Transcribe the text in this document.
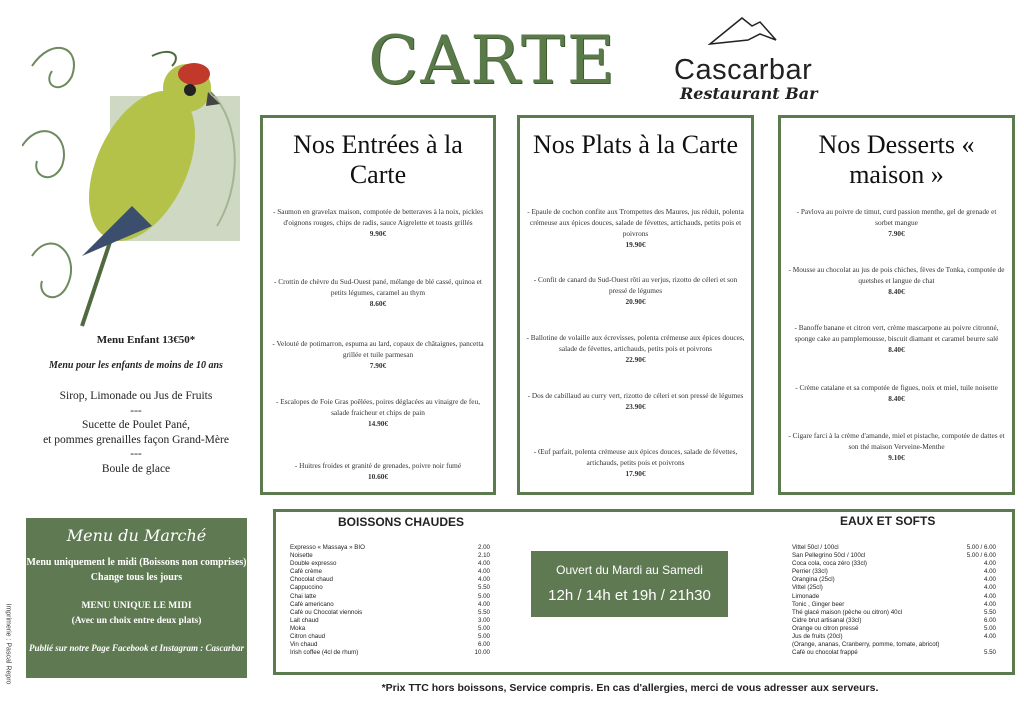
CARTE Cascarbar
Restaurant Bar
Nos Entrées à la Carte
- Saumon en gravelax maison, compotée de betteraves à la noix, pickles d'oignons rouges, chips de radis, sauce Aigrelette et toasts grillés
9.90€
- Crottin de chèvre du Sud-Ouest pané, mélange de blé cassé, quinoa et petits légumes, caramel au thym
8.60€
- Velouté de potimarron, espuma au lard, copaux de châtaignes, pancetta grillée et tuile parmesan
7.90€
- Escalopes de Foie Gras poêlées, poires déglacées au vinaigre de feu, salade fraicheur et chips de pain
14.90€
- Huitres froides et granité de grenades, poivre noir fumé
10.60€
Nos Plats à la Carte
- Epaule de cochon confite aux Trompettes des Maures, jus réduit, polenta crémeuse aux épices douces, salade de févettes, artichauds, petits pois et poivrons
19.90€
- Confit de canard du Sud-Ouest rôti au verjus, rizotto de céleri et son pressé de légumes
20.90€
- Ballotine de volaille aux écrevisses, polenta crémeuse aux épices douces, salade de févettes, artichauds, petits pois et poivrons
22.90€
- Dos de cabillaud au curry vert, rizotto de céleri et son pressé de légumes
23.90€
- Œuf parfait, polenta crémeuse aux épices douces, salade de févettes, artichauds, petits pois et poivrons
17.90€
Nos Desserts « maison »
- Pavlova au poivre de timut, curd passion menthe, gel de grenade et sorbet mangue
7.90€
- Mousse au chocolat au jus de pois chiches, fèves de Tonka, compotée de quetshes et langue de chat
8.40€
- Banoffe banane et citron vert, crème mascarpone au poivre citronné, sponge cake au pamplemousse, biscuit diamant et caramel beurre salé
8.40€
- Crème catalane et sa compotée de figues, noix et miel, tuile noisette
8.40€
- Cigare farci à la crème d'amande, miel et pistache, compotée de dattes et son thé maison Verveine-Menthe
9.10€
Menu Enfant 13€50*
Menu pour les enfants de moins de 10 ans
Sirop, Limonade ou Jus de Fruits
---
Sucette de Poulet Pané,
et pommes grenailles façon Grand-Mère
---
Boule de glace
Menu du Marché
Menu uniquement le midi (Boissons non comprises)
Change tous les jours
MENU UNIQUE LE MIDI
(Avec un choix entre deux plats)
Publié sur notre Page Facebook et Instagram : Cascarbar
Imprimerie : Pascal Repro
BOISSONS CHAUDES	EAUX ET SOFTS
Expresso « Massaya » BIO	2.00
Noisette	2.10
Double expresso	4.00
Café crème	4.00
Chocolat chaud	4.00
Cappuccino	5.50
Chai latte	5.00
Café americano	4.00
Café ou Chocolat viennois	5.50
Lait chaud	3.00
Moka	5.00
Citron chaud	5.00
Vin chaud	6.00
Irish coffee (4cl de rhum)	10.00
Vittel 50cl / 100cl	5.00 / 6.00
San Pellegrino 50cl / 100cl	5.00 / 6.00
Coca cola, coca zéro (33cl)	4.00
Perrier (33cl)	4.00
Orangina (25cl)	4.00
Vittel (25cl)	4.00
Limonade	4.00
Tonic , Ginger beer	4.00
Thé glacé maison (pêche ou citron) 40cl	5.50
Cidre brut artisanal (33cl)	6.00
Orange ou citron pressé	5.00
Jus de fruits (20cl)	4.00
(Orange, ananas, Cranberry, pomme, tomate, abricot)
Café ou chocolat frappé	5.50
Ouvert du Mardi au Samedi
12h / 14h et 19h / 21h30
*Prix TTC hors boissons, Service compris. En cas d'allergies, merci de vous adresser aux serveurs.
